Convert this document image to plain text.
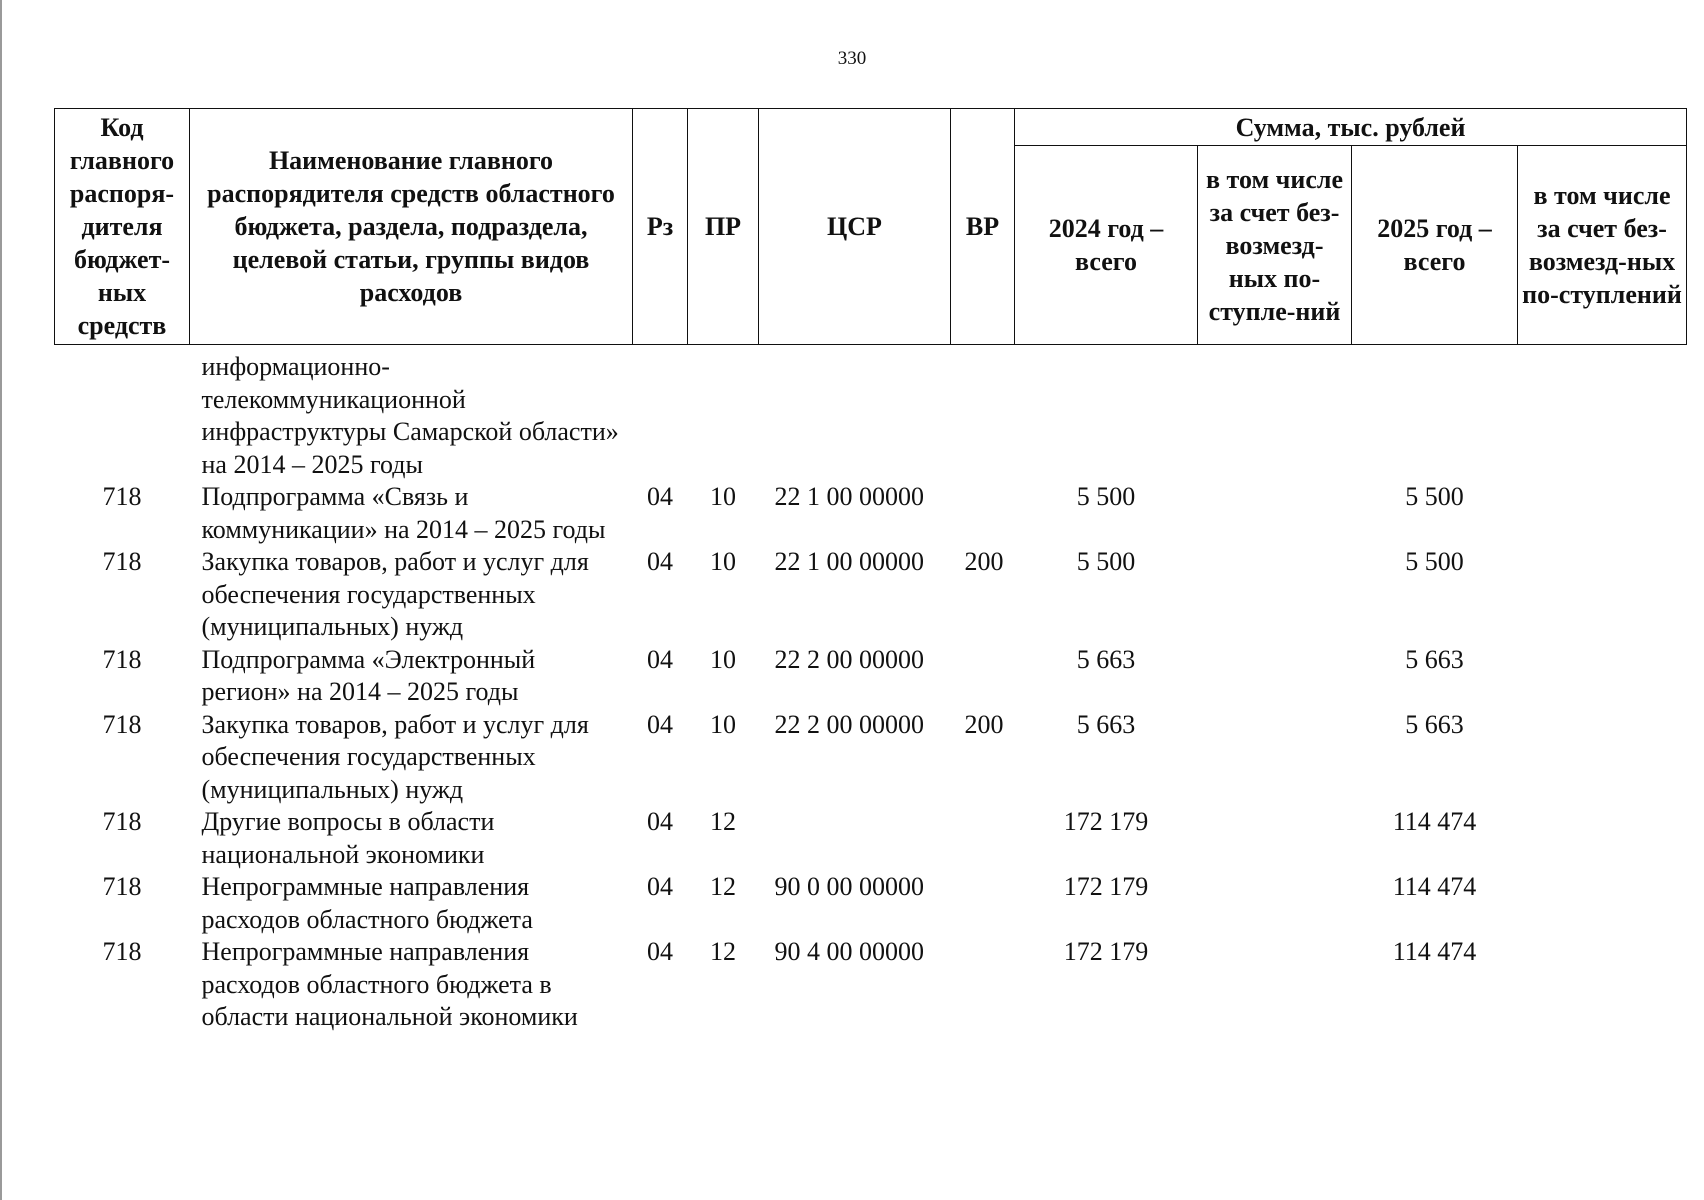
330
Код главного распоря-дителя бюджет-ных средств	Наименование главного распорядителя средств областного бюджета, раздела, подраздела, целевой статьи, группы видов расходов	Рз	ПР	ЦСР	ВР	Сумма, тыс. рублей			
						2024 год – всего	в том числе за счет без-возмезд-ных по-ступле-ний	2025 год – всего	в том числе за счет без-возмезд-ных по-ступлений
	информационно-телекоммуникационной инфраструктуры Самарской области» на 2014 – 2025 годы								
718	Подпрограмма «Связь и коммуникации» на 2014 – 2025 годы	04	10	22 1 00 00000		5 500		5 500	
718	Закупка товаров, работ и услуг для обеспечения государственных (муниципальных) нужд	04	10	22 1 00 00000	200	5 500		5 500	
718	Подпрограмма «Электронный регион» на 2014 – 2025 годы	04	10	22 2 00 00000		5 663		5 663	
718	Закупка товаров, работ и услуг для обеспечения государственных (муниципальных) нужд	04	10	22 2 00 00000	200	5 663		5 663	
718	Другие вопросы в области национальной экономики	04	12			172 179		114 474	
718	Непрограммные направления расходов областного бюджета	04	12	90 0 00 00000		172 179		114 474	
718	Непрограммные направления расходов областного бюджета в области национальной экономики	04	12	90 4 00 00000		172 179		114 474	
